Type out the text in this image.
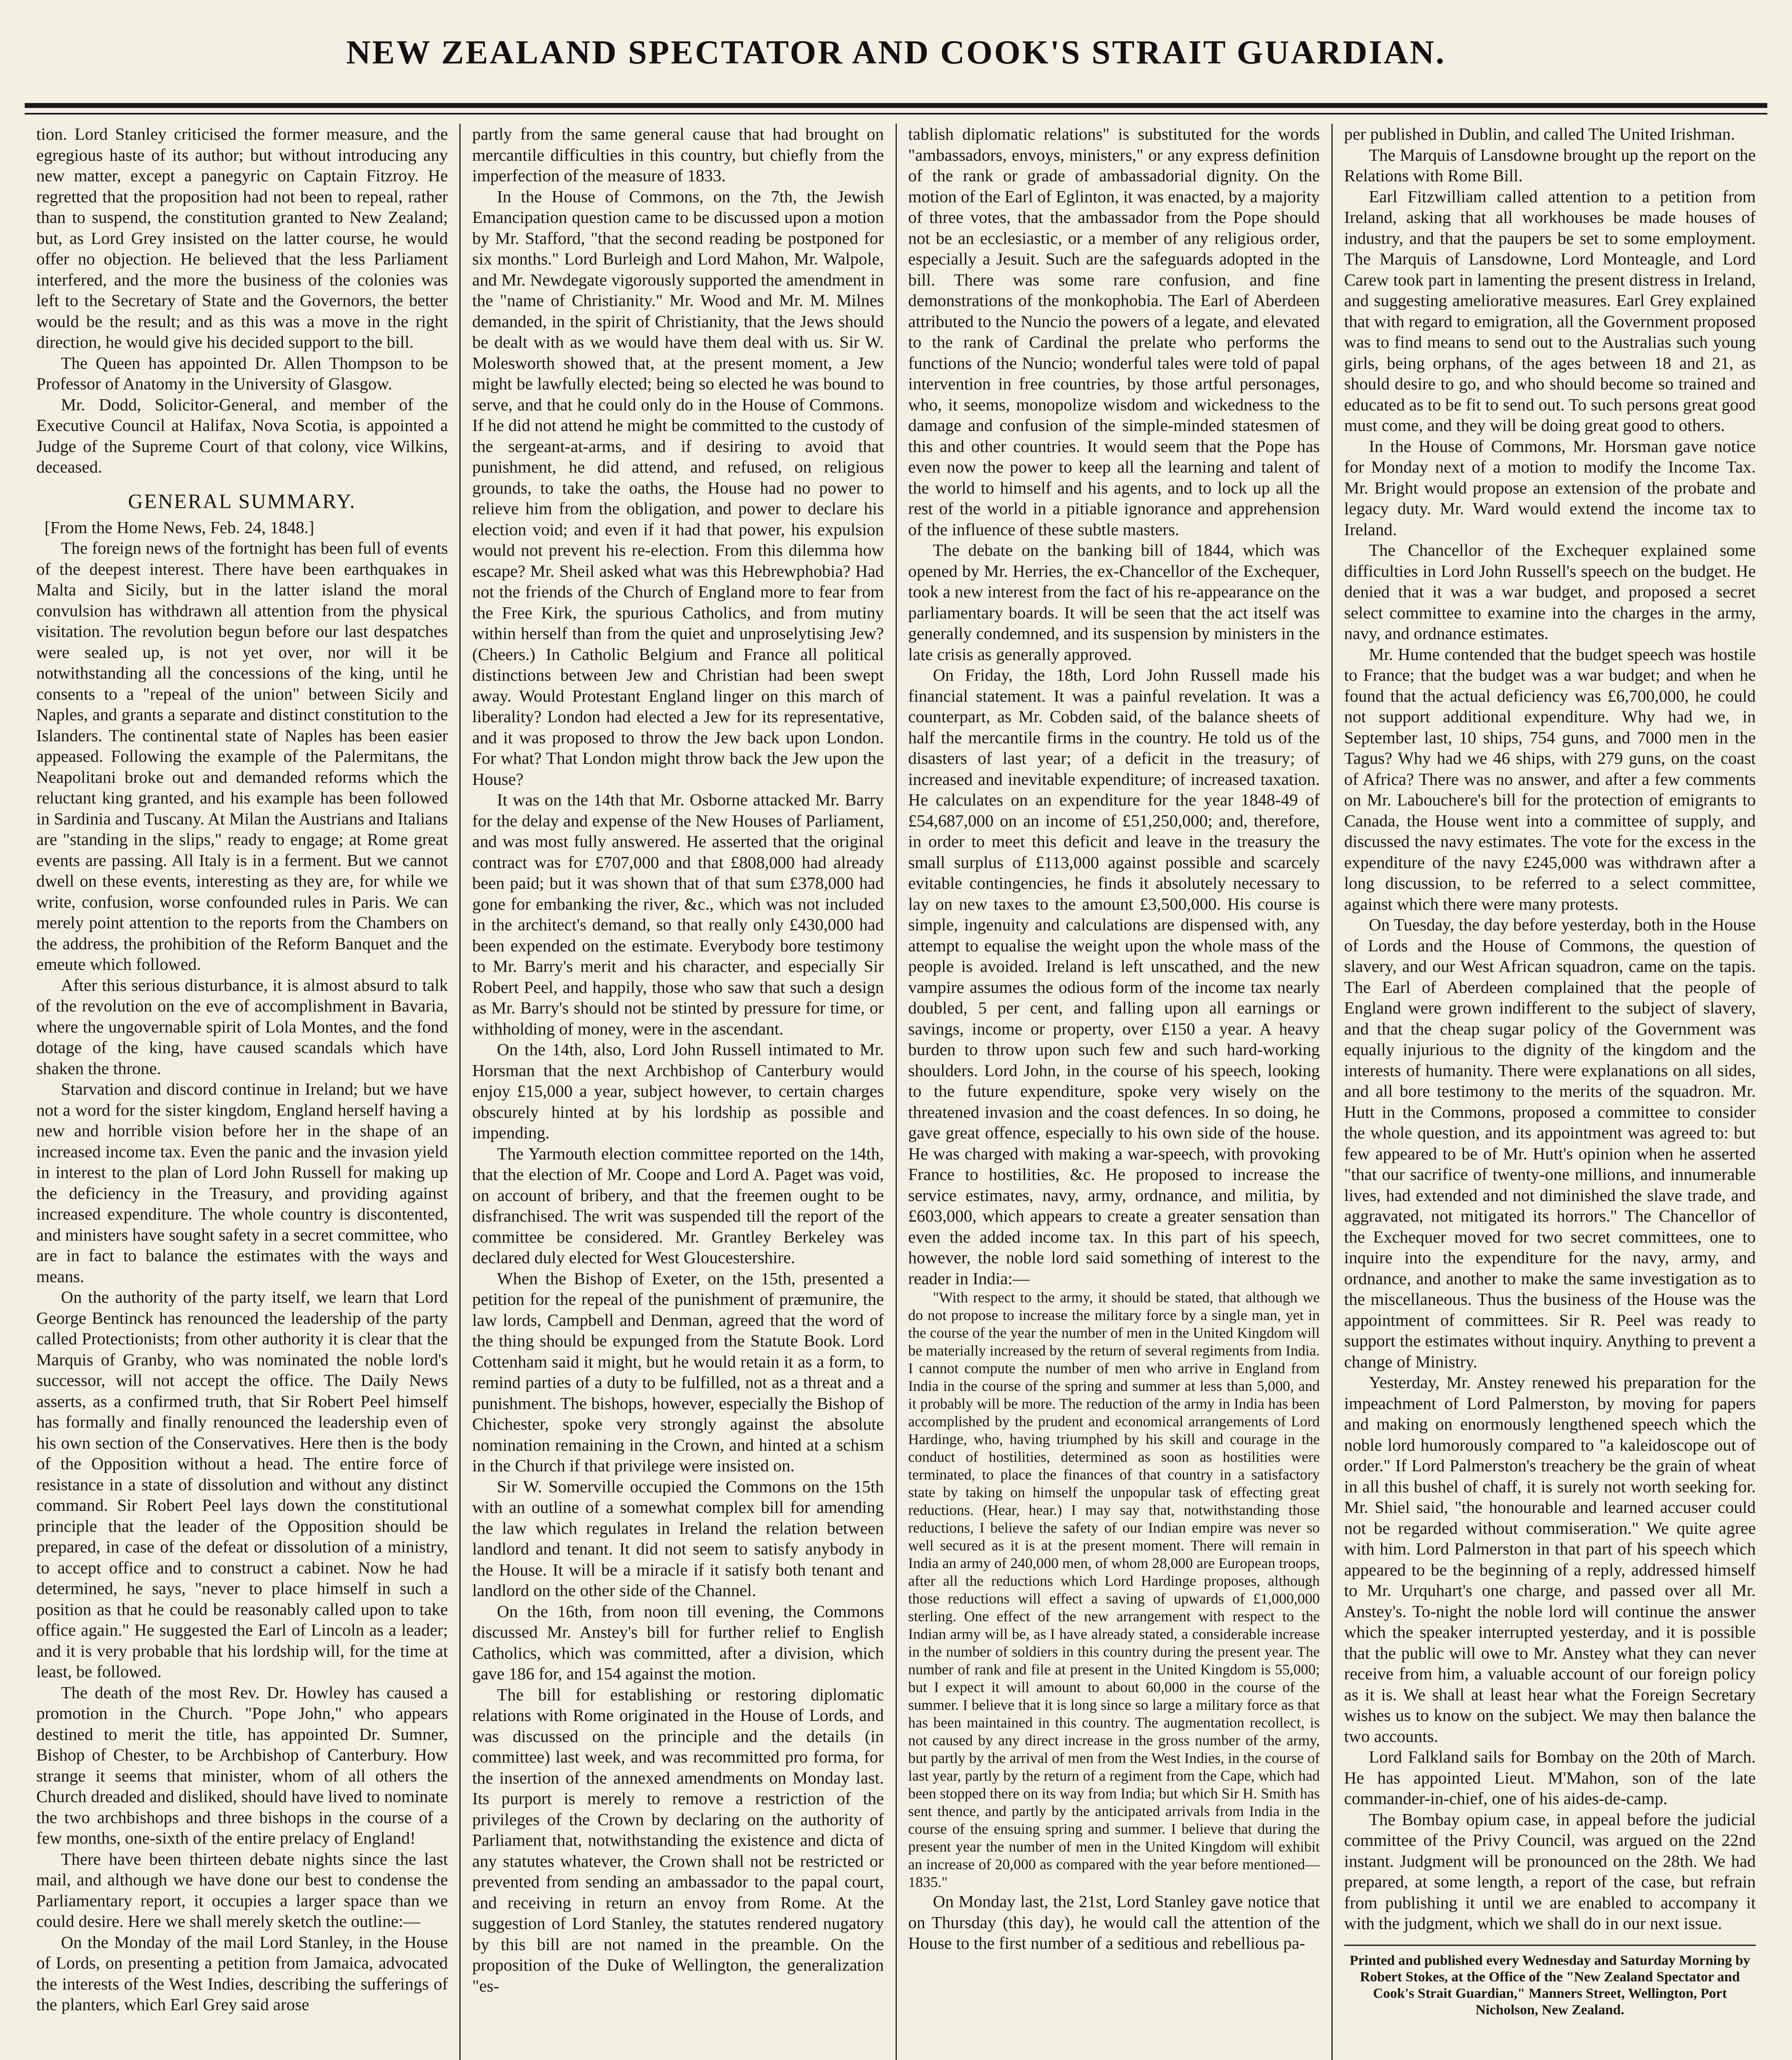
NEW ZEALAND SPECTATOR AND COOK'S STRAIT GUARDIAN.

tion. Lord Stanley criticised the former measure, and the egregious haste of its author; but without introducing any new matter, except a panegyric on Captain Fitzroy. He regretted that the proposition had not been to repeal, rather than to suspend, the constitution granted to New Zealand; but, as Lord Grey insisted on the latter course, he would offer no objection. He believed that the less Parliament interfered, and the more the business of the colonies was left to the Secretary of State and the Governors, the better would be the result; and as this was a move in the right direction, he would give his decided support to the bill.

The Queen has appointed Dr. Allen Thompson to be Professor of Anatomy in the University of Glasgow.

Mr. Dodd, Solicitor-General, and member of the Executive Council at Halifax, Nova Scotia, is appointed a Judge of the Supreme Court of that colony, vice Wilkins, deceased.

GENERAL SUMMARY.

[From the Home News, Feb. 24, 1848.]

The foreign news of the fortnight has been full of events of the deepest interest. There have been earthquakes in Malta and Sicily, but in the latter island the moral convulsion has withdrawn all attention from the physical visitation. The revolution begun before our last despatches were sealed up, is not yet over, nor will it be notwithstanding all the concessions of the king, until he consents to a "repeal of the union" between Sicily and Naples, and grants a separate and distinct constitution to the Islanders. The continental state of Naples has been easier appeased. Following the example of the Palermitans, the Neapolitani broke out and demanded reforms which the reluctant king granted, and his example has been followed in Sardinia and Tuscany. At Milan the Austrians and Italians are "standing in the slips," ready to engage; at Rome great events are passing. All Italy is in a ferment. But we cannot dwell on these events, interesting as they are, for while we write, confusion, worse confounded rules in Paris. We can merely point attention to the reports from the Chambers on the address, the prohibition of the Reform Banquet and the emeute which followed.

After this serious disturbance, it is almost absurd to talk of the revolution on the eve of accomplishment in Bavaria, where the ungovernable spirit of Lola Montes, and the fond dotage of the king, have caused scandals which have shaken the throne.

Starvation and discord continue in Ireland; but we have not a word for the sister kingdom, England herself having a new and horrible vision before her in the shape of an increased income tax. Even the panic and the invasion yield in interest to the plan of Lord John Russell for making up the deficiency in the Treasury, and providing against increased expenditure. The whole country is discontented, and ministers have sought safety in a secret committee, who are in fact to balance the estimates with the ways and means.

On the authority of the party itself, we learn that Lord George Bentinck has renounced the leadership of the party called Protectionists; from other authority it is clear that the Marquis of Granby, who was nominated the noble lord's successor, will not accept the office. The Daily News asserts, as a confirmed truth, that Sir Robert Peel himself has formally and finally renounced the leadership even of his own section of the Conservatives. Here then is the body of the Opposition without a head. The entire force of resistance in a state of dissolution and without any distinct command. Sir Robert Peel lays down the constitutional principle that the leader of the Opposition should be prepared, in case of the defeat or dissolution of a ministry, to accept office and to construct a cabinet. Now he had determined, he says, "never to place himself in such a position as that he could be reasonably called upon to take office again." He suggested the Earl of Lincoln as a leader; and it is very probable that his lordship will, for the time at least, be followed.

The death of the most Rev. Dr. Howley has caused a promotion in the Church. "Pope John," who appears destined to merit the title, has appointed Dr. Sumner, Bishop of Chester, to be Archbishop of Canterbury. How strange it seems that minister, whom of all others the Church dreaded and disliked, should have lived to nominate the two archbishops and three bishops in the course of a few months, one-sixth of the entire prelacy of England!

There have been thirteen debate nights since the last mail, and although we have done our best to condense the Parliamentary report, it occupies a larger space than we could desire. Here we shall merely sketch the outline:—

On the Monday of the mail Lord Stanley, in the House of Lords, on presenting a petition from Jamaica, advocated the interests of the West Indies, describing the sufferings of the planters, which Earl Grey said arose

partly from the same general cause that had brought on mercantile difficulties in this country, but chiefly from the imperfection of the measure of 1833.

In the House of Commons, on the 7th, the Jewish Emancipation question came to be discussed upon a motion by Mr. Stafford, "that the second reading be postponed for six months." Lord Burleigh and Lord Mahon, Mr. Walpole, and Mr. Newdegate vigorously supported the amendment in the "name of Christianity." Mr. Wood and Mr. M. Milnes demanded, in the spirit of Christianity, that the Jews should be dealt with as we would have them deal with us. Sir W. Molesworth showed that, at the present moment, a Jew might be lawfully elected; being so elected he was bound to serve, and that he could only do in the House of Commons. If he did not attend he might be committed to the custody of the sergeant-at-arms, and if desiring to avoid that punishment, he did attend, and refused, on religious grounds, to take the oaths, the House had no power to relieve him from the obligation, and power to declare his election void; and even if it had that power, his expulsion would not prevent his re-election. From this dilemma how escape? Mr. Sheil asked what was this Hebrewphobia? Had not the friends of the Church of England more to fear from the Free Kirk, the spurious Catholics, and from mutiny within herself than from the quiet and unproselytising Jew? (Cheers.) In Catholic Belgium and France all political distinctions between Jew and Christian had been swept away. Would Protestant England linger on this march of liberality? London had elected a Jew for its representative, and it was proposed to throw the Jew back upon London. For what? That London might throw back the Jew upon the House?

It was on the 14th that Mr. Osborne attacked Mr. Barry for the delay and expense of the New Houses of Parliament, and was most fully answered. He asserted that the original contract was for £707,000 and that £808,000 had already been paid; but it was shown that of that sum £378,000 had gone for embanking the river, &c., which was not included in the architect's demand, so that really only £430,000 had been expended on the estimate. Everybody bore testimony to Mr. Barry's merit and his character, and especially Sir Robert Peel, and happily, those who saw that such a design as Mr. Barry's should not be stinted by pressure for time, or withholding of money, were in the ascendant.

On the 14th, also, Lord John Russell intimated to Mr. Horsman that the next Archbishop of Canterbury would enjoy £15,000 a year, subject however, to certain charges obscurely hinted at by his lordship as possible and impending.

The Yarmouth election committee reported on the 14th, that the election of Mr. Coope and Lord A. Paget was void, on account of bribery, and that the freemen ought to be disfranchised. The writ was suspended till the report of the committee be considered. Mr. Grantley Berkeley was declared duly elected for West Gloucestershire.

When the Bishop of Exeter, on the 15th, presented a petition for the repeal of the punishment of præmunire, the law lords, Campbell and Denman, agreed that the word of the thing should be expunged from the Statute Book. Lord Cottenham said it might, but he would retain it as a form, to remind parties of a duty to be fulfilled, not as a threat and a punishment. The bishops, however, especially the Bishop of Chichester, spoke very strongly against the absolute nomination remaining in the Crown, and hinted at a schism in the Church if that privilege were insisted on.

Sir W. Somerville occupied the Commons on the 15th with an outline of a somewhat complex bill for amending the law which regulates in Ireland the relation between landlord and tenant. It did not seem to satisfy anybody in the House. It will be a miracle if it satisfy both tenant and landlord on the other side of the Channel.

On the 16th, from noon till evening, the Commons discussed Mr. Anstey's bill for further relief to English Catholics, which was committed, after a division, which gave 186 for, and 154 against the motion.

The bill for establishing or restoring diplomatic relations with Rome originated in the House of Lords, and was discussed on the principle and the details (in committee) last week, and was recommitted pro forma, for the insertion of the annexed amendments on Monday last. Its purport is merely to remove a restriction of the privileges of the Crown by declaring on the authority of Parliament that, notwithstanding the existence and dicta of any statutes whatever, the Crown shall not be restricted or prevented from sending an ambassador to the papal court, and receiving in return an envoy from Rome. At the suggestion of Lord Stanley, the statutes rendered nugatory by this bill are not named in the preamble. On the proposition of the Duke of Wellington, the generalization "es-

tablish diplomatic relations" is substituted for the words "ambassadors, envoys, ministers," or any express definition of the rank or grade of ambassadorial dignity. On the motion of the Earl of Eglinton, it was enacted, by a majority of three votes, that the ambassador from the Pope should not be an ecclesiastic, or a member of any religious order, especially a Jesuit. Such are the safeguards adopted in the bill. There was some rare confusion, and fine demonstrations of the monkophobia. The Earl of Aberdeen attributed to the Nuncio the powers of a legate, and elevated to the rank of Cardinal the prelate who performs the functions of the Nuncio; wonderful tales were told of papal intervention in free countries, by those artful personages, who, it seems, monopolize wisdom and wickedness to the damage and confusion of the simple-minded statesmen of this and other countries. It would seem that the Pope has even now the power to keep all the learning and talent of the world to himself and his agents, and to lock up all the rest of the world in a pitiable ignorance and apprehension of the influence of these subtle masters.

The debate on the banking bill of 1844, which was opened by Mr. Herries, the ex-Chancellor of the Exchequer, took a new interest from the fact of his re-appearance on the parliamentary boards. It will be seen that the act itself was generally condemned, and its suspension by ministers in the late crisis as generally approved.

On Friday, the 18th, Lord John Russell made his financial statement. It was a painful revelation. It was a counterpart, as Mr. Cobden said, of the balance sheets of half the mercantile firms in the country. He told us of the disasters of last year; of a deficit in the treasury; of increased and inevitable expenditure; of increased taxation. He calculates on an expenditure for the year 1848-49 of £54,687,000 on an income of £51,250,000; and, therefore, in order to meet this deficit and leave in the treasury the small surplus of £113,000 against possible and scarcely evitable contingencies, he finds it absolutely necessary to lay on new taxes to the amount £3,500,000. His course is simple, ingenuity and calculations are dispensed with, any attempt to equalise the weight upon the whole mass of the people is avoided. Ireland is left unscathed, and the new vampire assumes the odious form of the income tax nearly doubled, 5 per cent, and falling upon all earnings or savings, income or property, over £150 a year. A heavy burden to throw upon such few and such hard-working shoulders. Lord John, in the course of his speech, looking to the future expenditure, spoke very wisely on the threatened invasion and the coast defences. In so doing, he gave great offence, especially to his own side of the house. He was charged with making a war-speech, with provoking France to hostilities, &c. He proposed to increase the service estimates, navy, army, ordnance, and militia, by £603,000, which appears to create a greater sensation than even the added income tax. In this part of his speech, however, the noble lord said something of interest to the reader in India:—

"With respect to the army, it should be stated, that although we do not propose to increase the military force by a single man, yet in the course of the year the number of men in the United Kingdom will be materially increased by the return of several regiments from India. I cannot compute the number of men who arrive in England from India in the course of the spring and summer at less than 5,000, and it probably will be more. The reduction of the army in India has been accomplished by the prudent and economical arrangements of Lord Hardinge, who, having triumphed by his skill and courage in the conduct of hostilities, determined as soon as hostilities were terminated, to place the finances of that country in a satisfactory state by taking on himself the unpopular task of effecting great reductions. (Hear, hear.) I may say that, notwithstanding those reductions, I believe the safety of our Indian empire was never so well secured as it is at the present moment. There will remain in India an army of 240,000 men, of whom 28,000 are European troops, after all the reductions which Lord Hardinge proposes, although those reductions will effect a saving of upwards of £1,000,000 sterling. One effect of the new arrangement with respect to the Indian army will be, as I have already stated, a considerable increase in the number of soldiers in this country during the present year. The number of rank and file at present in the United Kingdom is 55,000; but I expect it will amount to about 60,000 in the course of the summer. I believe that it is long since so large a military force as that has been maintained in this country. The augmentation recollect, is not caused by any direct increase in the gross number of the army, but partly by the arrival of men from the West Indies, in the course of last year, partly by the return of a regiment from the Cape, which had been stopped there on its way from India; but which Sir H. Smith has sent thence, and partly by the anticipated arrivals from India in the course of the ensuing spring and summer. I believe that during the present year the number of men in the United Kingdom will exhibit an increase of 20,000 as compared with the year before mentioned—1835."

On Monday last, the 21st, Lord Stanley gave notice that on Thursday (this day), he would call the attention of the House to the first number of a seditious and rebellious pa-

per published in Dublin, and called The United Irishman.

The Marquis of Lansdowne brought up the report on the Relations with Rome Bill.

Earl Fitzwilliam called attention to a petition from Ireland, asking that all workhouses be made houses of industry, and that the paupers be set to some employment. The Marquis of Lansdowne, Lord Monteagle, and Lord Carew took part in lamenting the present distress in Ireland, and suggesting ameliorative measures. Earl Grey explained that with regard to emigration, all the Government proposed was to find means to send out to the Australias such young girls, being orphans, of the ages between 18 and 21, as should desire to go, and who should become so trained and educated as to be fit to send out. To such persons great good must come, and they will be doing great good to others.

In the House of Commons, Mr. Horsman gave notice for Monday next of a motion to modify the Income Tax. Mr. Bright would propose an extension of the probate and legacy duty. Mr. Ward would extend the income tax to Ireland.

The Chancellor of the Exchequer explained some difficulties in Lord John Russell's speech on the budget. He denied that it was a war budget, and proposed a secret select committee to examine into the charges in the army, navy, and ordnance estimates.

Mr. Hume contended that the budget speech was hostile to France; that the budget was a war budget; and when he found that the actual deficiency was £6,700,000, he could not support additional expenditure. Why had we, in September last, 10 ships, 754 guns, and 7000 men in the Tagus? Why had we 46 ships, with 279 guns, on the coast of Africa? There was no answer, and after a few comments on Mr. Labouchere's bill for the protection of emigrants to Canada, the House went into a committee of supply, and discussed the navy estimates. The vote for the excess in the expenditure of the navy £245,000 was withdrawn after a long discussion, to be referred to a select committee, against which there were many protests.

On Tuesday, the day before yesterday, both in the House of Lords and the House of Commons, the question of slavery, and our West African squadron, came on the tapis. The Earl of Aberdeen complained that the people of England were grown indifferent to the subject of slavery, and that the cheap sugar policy of the Government was equally injurious to the dignity of the kingdom and the interests of humanity. There were explanations on all sides, and all bore testimony to the merits of the squadron. Mr. Hutt in the Commons, proposed a committee to consider the whole question, and its appointment was agreed to: but few appeared to be of Mr. Hutt's opinion when he asserted "that our sacrifice of twenty-one millions, and innumerable lives, had extended and not diminished the slave trade, and aggravated, not mitigated its horrors." The Chancellor of the Exchequer moved for two secret committees, one to inquire into the expenditure for the navy, army, and ordnance, and another to make the same investigation as to the miscellaneous. Thus the business of the House was the appointment of committees. Sir R. Peel was ready to support the estimates without inquiry. Anything to prevent a change of Ministry.

Yesterday, Mr. Anstey renewed his preparation for the impeachment of Lord Palmerston, by moving for papers and making on enormously lengthened speech which the noble lord humorously compared to "a kaleidoscope out of order." If Lord Palmerston's treachery be the grain of wheat in all this bushel of chaff, it is surely not worth seeking for. Mr. Shiel said, "the honourable and learned accuser could not be regarded without commiseration." We quite agree with him. Lord Palmerston in that part of his speech which appeared to be the beginning of a reply, addressed himself to Mr. Urquhart's one charge, and passed over all Mr. Anstey's. To-night the noble lord will continue the answer which the speaker interrupted yesterday, and it is possible that the public will owe to Mr. Anstey what they can never receive from him, a valuable account of our foreign policy as it is. We shall at least hear what the Foreign Secretary wishes us to know on the subject. We may then balance the two accounts.

Lord Falkland sails for Bombay on the 20th of March. He has appointed Lieut. M'Mahon, son of the late commander-in-chief, one of his aides-de-camp.

The Bombay opium case, in appeal before the judicial committee of the Privy Council, was argued on the 22nd instant. Judgment will be pronounced on the 28th. We had prepared, at some length, a report of the case, but refrain from publishing it until we are enabled to accompany it with the judgment, which we shall do in our next issue.

Printed and published every Wednesday and Saturday Morning by Robert Stokes, at the Office of the "New Zealand Spectator and Cook's Strait Guardian," Manners Street, Wellington, Port Nicholson, New Zealand.
